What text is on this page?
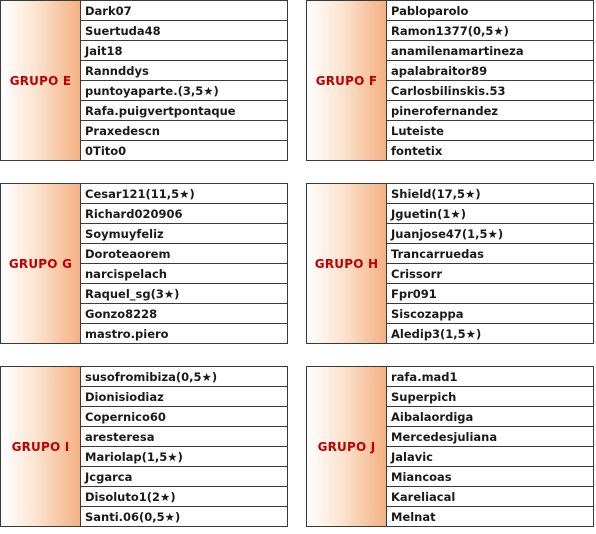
GRUPO E
Dark07
Suertuda48
Jait18
Rannddys
puntoyaparte.(3,5★)
Rafa.puigvertpontaque
Praxedescn
0Tito0
GRUPO F
Pabloparolo
Ramon1377(0,5★)
anamilenamartineza
apalabraitor89
Carlosbilinskis.53
pinerofernandez
Luteiste
fontetix
GRUPO G
Cesar121(11,5★)
Richard020906
Soymuyfeliz
Doroteaorem
narcispelach
Raquel_sg(3★)
Gonzo8228
mastro.piero
GRUPO H
Shield(17,5★)
Jguetin(1★)
Juanjose47(1,5★)
Trancarruedas
Crissorr
Fpr091
Siscozappa
Aledip3(1,5★)
GRUPO I
susofromibiza(0,5★)
Dionisiodiaz
Copernico60
aresteresa
Mariolap(1,5★)
Jcgarca
Disoluto1(2★)
Santi.06(0,5★)
GRUPO J
rafa.mad1
Superpich
Aibalaordiga
Mercedesjuliana
Jalavic
Miancoas
Kareliacal
Melnat
